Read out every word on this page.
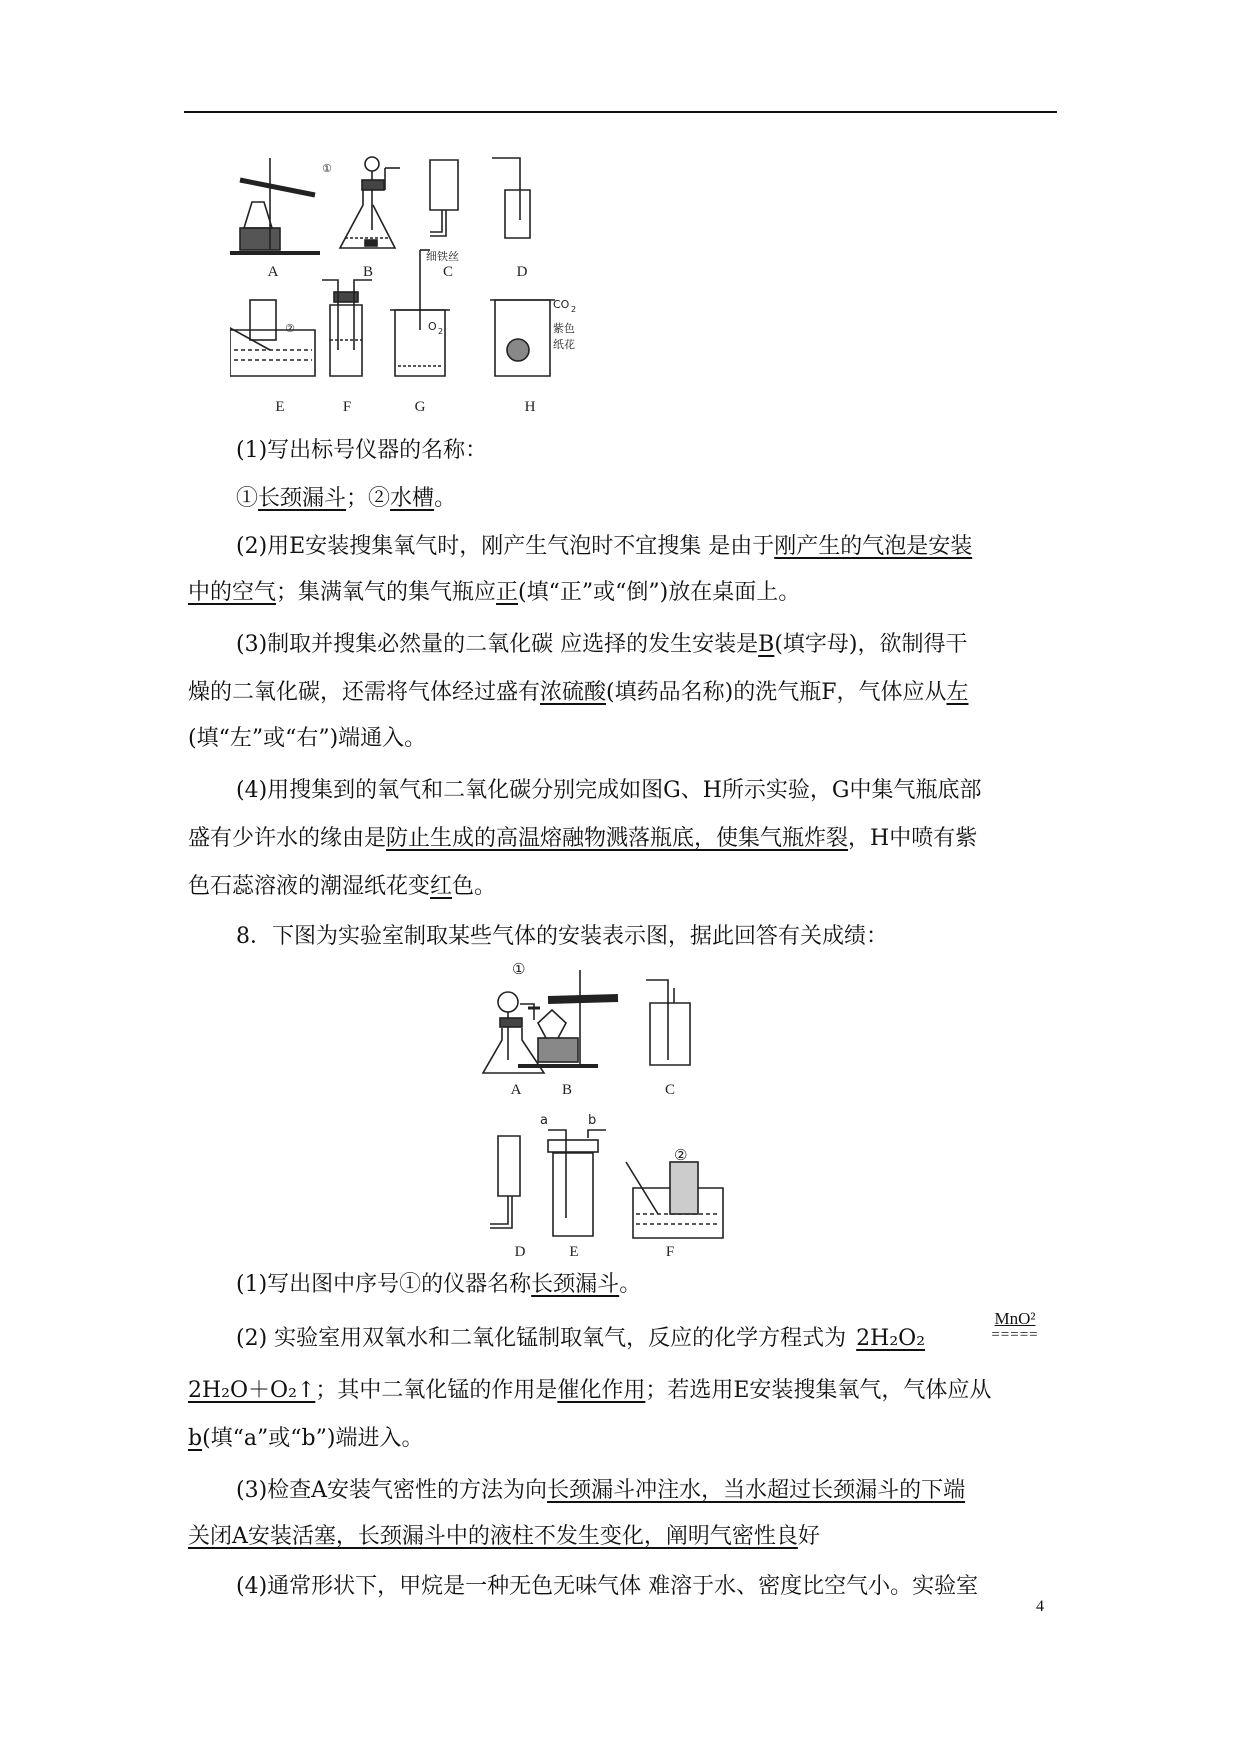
①
②
细铁丝
O 2
CO 2
紫色
纸花
A	B	C	D
E	F	G	H
(1)写出标号仪器的名称：
①长颈漏斗；②水槽。
(2)用E安装搜集氧气时，刚产生气泡时不宜搜集 是由于刚产生的气泡是安装
中的空气；集满氧气的集气瓶应正(填“正”或“倒”)放在桌面上。
(3)制取并搜集必然量的二氧化碳 应选择的发生安装是B(填字母)，欲制得干
燥的二氧化碳，还需将气体经过盛有浓硫酸(填药品名称)的洗气瓶F，气体应从左
(填“左”或“右”)端通入。
(4)用搜集到的氧气和二氧化碳分别完成如图G、H所示实验，G中集气瓶底部
盛有少许水的缘由是防止生成的高温熔融物溅落瓶底，使集气瓶炸裂，H中喷有紫
色石蕊溶液的潮湿纸花变红色。
8．下图为实验室制取某些气体的安装表示图，据此回答有关成绩：
①
②
a	b
A	B	C
D	E	F
(1)写出图中序号①的仪器名称长颈漏斗。
(2) 实验室用双氧水和二氧化锰制取氧气，反应的化学方程式为 2H₂O₂
MnO²
=====
2H₂O＋O₂↑；其中二氧化锰的作用是催化作用；若选用E安装搜集氧气，气体应从
b(填“a”或“b”)端进入。
(3)检查A安装气密性的方法为向长颈漏斗冲注水，当水超过长颈漏斗的下端
关闭A安装活塞，长颈漏斗中的液柱不发生变化，阐明气密性良好
(4)通常形状下，甲烷是一种无色无味气体 难溶于水、密度比空气小。实验室
4
